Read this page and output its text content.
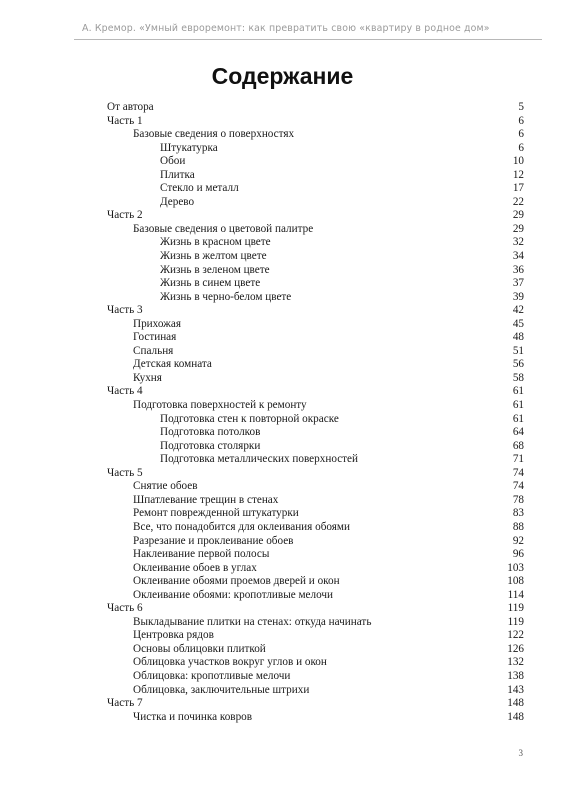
А. Кремор. «Умный евроремонт: как превратить свою «квартиру в родное дом»
Содержание
От автора	5
Часть 1	6
Базовые сведения о поверхностях	6
Штукатурка	6
Обои	10
Плитка	12
Стекло и металл	17
Дерево	22
Часть 2	29
Базовые сведения о цветовой палитре	29
Жизнь в красном цвете	32
Жизнь в желтом цвете	34
Жизнь в зеленом цвете	36
Жизнь в синем цвете	37
Жизнь в черно-белом цвете	39
Часть 3	42
Прихожая	45
Гостиная	48
Спальня	51
Детская комната	56
Кухня	58
Часть 4	61
Подготовка поверхностей к ремонту	61
Подготовка стен к повторной окраске	61
Подготовка потолков	64
Подготовка столярки	68
Подготовка металлических поверхностей	71
Часть 5	74
Снятие обоев	74
Шпатлевание трещин в стенах	78
Ремонт поврежденной штукатурки	83
Все, что понадобится для оклеивания обоями	88
Разрезание и проклеивание обоев	92
Наклеивание первой полосы	96
Оклеивание обоев в углах	103
Оклеивание обоями проемов дверей и окон	108
Оклеивание обоями: кропотливые мелочи	114
Часть 6	119
Выкладывание плитки на стенах: откуда начинать	119
Центровка рядов	122
Основы облицовки плиткой	126
Облицовка участков вокруг углов и окон	132
Облицовка: кропотливые мелочи	138
Облицовка, заключительные штрихи	143
Часть 7	148
Чистка и починка ковров	148
3
